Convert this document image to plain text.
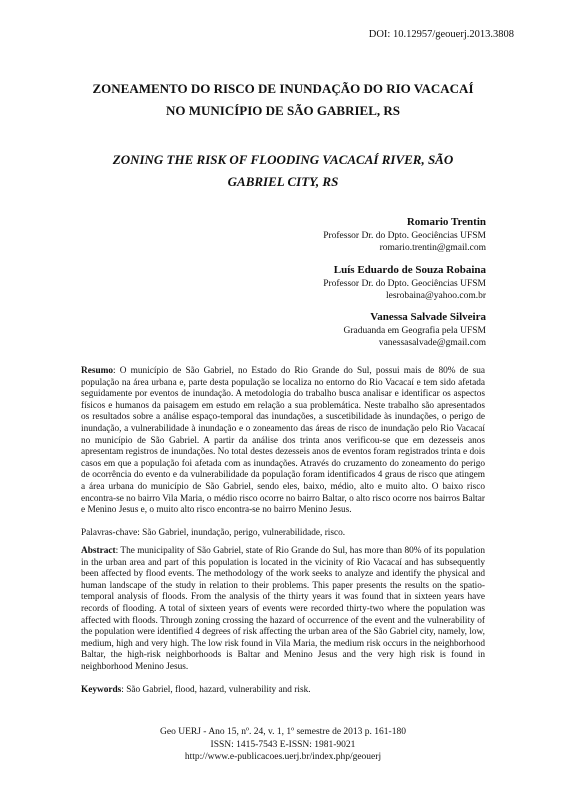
DOI: 10.12957/geouerj.2013.3808
ZONEAMENTO DO RISCO DE INUNDAÇÃO DO RIO VACACAÍ
NO MUNICÍPIO DE SÃO GABRIEL, RS
ZONING THE RISK OF FLOODING VACACAÍ RIVER, SÃO
GABRIEL CITY, RS
Romario Trentin
Professor Dr. do Dpto. Geociências UFSM
romario.trentin@gmail.com
Luís Eduardo de Souza Robaina
Professor Dr. do Dpto. Geociências UFSM
lesrobaina@yahoo.com.br
Vanessa Salvade Silveira
Graduanda em Geografia pela UFSM
vanessasalvade@gmail.com

Resumo: O município de São Gabriel, no Estado do Rio Grande do Sul, possui mais de 80% de sua população na área urbana e, parte desta população se localiza no entorno do Rio Vacacaí e tem sido afetada seguidamente por eventos de inundação. A metodologia do trabalho busca analisar e identificar os aspectos físicos e humanos da paisagem em estudo em relação a sua problemática. Neste trabalho são apresentados os resultados sobre a análise espaço-temporal das inundações, a suscetibilidade às inundações, o perigo de inundação, a vulnerabilidade à inundação e o zoneamento das áreas de risco de inundação pelo Rio Vacacaí no município de São Gabriel. A partir da análise dos trinta anos verificou-se que em dezesseis anos apresentam registros de inundações. No total destes dezesseis anos de eventos foram registrados trinta e dois casos em que a população foi afetada com as inundações. Através do cruzamento do zoneamento do perigo de ocorrência do evento e da vulnerabilidade da população foram identificados 4 graus de risco que atingem a área urbana do município de São Gabriel, sendo eles, baixo, médio, alto e muito alto. O baixo risco encontra-se no bairro Vila Maria, o médio risco ocorre no bairro Baltar, o alto risco ocorre nos bairros Baltar e Menino Jesus e, o muito alto risco encontra-se no bairro Menino Jesus.

Palavras-chave: São Gabriel, inundação, perigo, vulnerabilidade, risco.

Abstract: The municipality of São Gabriel, state of Rio Grande do Sul, has more than 80% of its population in the urban area and part of this population is located in the vicinity of Rio Vacacaí and has subsequently been affected by flood events. The methodology of the work seeks to analyze and identify the physical and human landscape of the study in relation to their problems. This paper presents the results on the spatio-temporal analysis of floods. From the analysis of the thirty years it was found that in sixteen years have records of flooding. A total of sixteen years of events were recorded thirty-two where the population was affected with floods. Through zoning crossing the hazard of occurrence of the event and the vulnerability of the population were identified 4 degrees of risk affecting the urban area of the São Gabriel city, namely, low, medium, high and very high. The low risk found in Vila Maria, the medium risk occurs in the neighborhood Baltar, the high-risk neighborhoods is Baltar and Menino Jesus and the very high risk is found in neighborhood Menino Jesus.

Keywords: São Gabriel, flood, hazard, vulnerability and risk.

Geo UERJ - Ano 15, nº. 24, v. 1, 1º semestre de 2013 p. 161-180
ISSN: 1415-7543 E-ISSN: 1981-9021
http://www.e-publicacoes.uerj.br/index.php/geouerj
